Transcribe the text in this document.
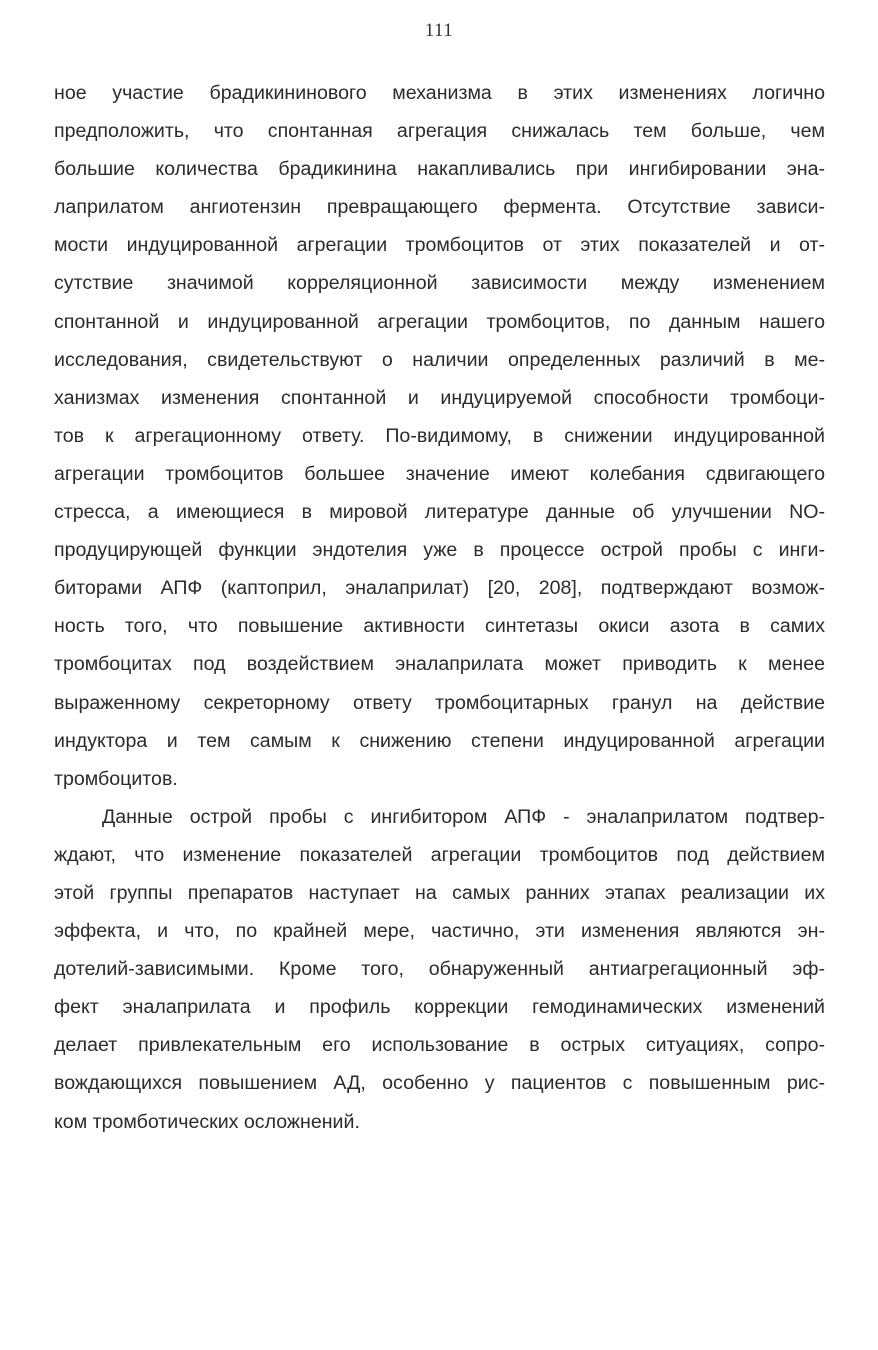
111
ное участие брадикининового механизма в этих изменениях логично
предположить, что спонтанная агрегация снижалась тем больше, чем
большие количества брадикинина накапливались при ингибировании эна-
лаприлатом ангиотензин превращающего фермента. Отсутствие зависи-
мости индуцированной агрегации тромбоцитов от этих показателей и от-
сутствие значимой корреляционной зависимости между изменением
спонтанной и индуцированной агрегации тромбоцитов, по данным нашего
исследования, свидетельствуют о наличии определенных различий в ме-
ханизмах изменения спонтанной и индуцируемой способности тромбоци-
тов к агрегационному ответу. По-видимому, в снижении индуцированной
агрегации тромбоцитов большее значение имеют колебания сдвигающего
стресса, а имеющиеся в мировой литературе данные об улучшении NO-
продуцирующей функции эндотелия уже в процессе острой пробы с инги-
биторами АПФ (каптоприл, эналаприлат) [20, 208], подтверждают возмож-
ность того, что повышение активности синтетазы окиси азота в самих
тромбоцитах под воздействием эналаприлата может приводить к менее
выраженному секреторному ответу тромбоцитарных гранул на действие
индуктора и тем самым к снижению степени индуцированной агрегации
тромбоцитов.
Данные острой пробы с ингибитором АПФ - эналаприлатом подтвер-
ждают, что изменение показателей агрегации тромбоцитов под действием
этой группы препаратов наступает на самых ранних этапах реализации их
эффекта, и что, по крайней мере, частично, эти изменения являются эн-
дотелий-зависимыми. Кроме того, обнаруженный антиагрегационный эф-
фект эналаприлата и профиль коррекции гемодинамических изменений
делает привлекательным его использование в острых ситуациях, сопро-
вождающихся повышением АД, особенно у пациентов с повышенным рис-
ком тромботических осложнений.
